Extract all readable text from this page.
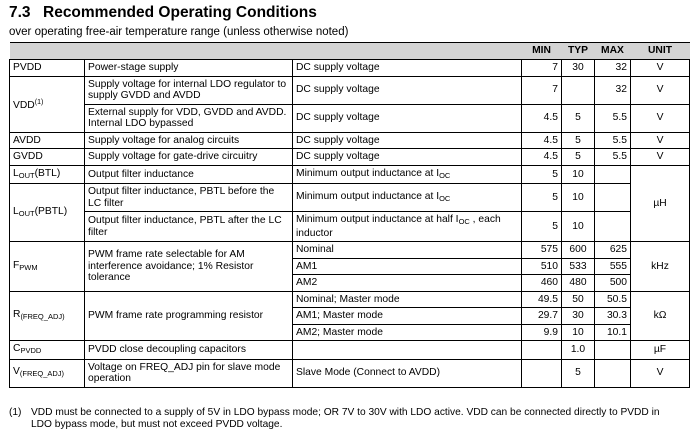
7.3 Recommended Operating Conditions
over operating free-air temperature range (unless otherwise noted)
			MIN	TYP	MAX	UNIT
PVDD	Power-stage supply	DC supply voltage	7	30	32	V
VDD$^{(1)}$	Supply voltage for internal LDO regulator to supply GVDD and AVDD	DC supply voltage	7		32	V
	External supply for VDD, GVDD and AVDD. Internal LDO bypassed	DC supply voltage	4.5	5	5.5	V
AVDD	Supply voltage for analog circuits	DC supply voltage	4.5	5	5.5	V
GVDD	Supply voltage for gate-drive circuitry	DC supply voltage	4.5	5	5.5	V
$L_{OUT}(BTL)$	Output filter inductance	Minimum output inductance at $I_{OC}$	5	10		µH
$L_{OUT}(PBTL)$	Output filter inductance, PBTL before the LC filter	Minimum output inductance at $I_{OC}$	5	10		
	Output filter inductance, PBTL after the LC filter	Minimum output inductance at half $I_{OC}$ , each inductor	5	10		
$F_{PWM}$	PWM frame rate selectable for AM interference avoidance; 1% Resistor tolerance	Nominal	575	600	625	kHz
		AM1	510	533	555	
		AM2	460	480	500	
$R_{(FREQ\_ADJ)}$	PWM frame rate programming resistor	Nominal; Master mode	49.5	50	50.5	kΩ
		AM1; Master mode	29.7	30	30.3	
		AM2; Master mode	9.9	10	10.1	
$C_{PVDD}$	PVDD close decoupling capacitors			1.0		µF
$V_{(FREQ\_ADJ)}$	Voltage on FREQ_ADJ pin for slave mode operation	Slave Mode (Connect to AVDD)		5		V
(1) VDD must be connected to a supply of 5V in LDO bypass mode; OR 7V to 30V with LDO active. VDD can be connected directly to PVDD in LDO bypass mode, but must not exceed PVDD voltage.
